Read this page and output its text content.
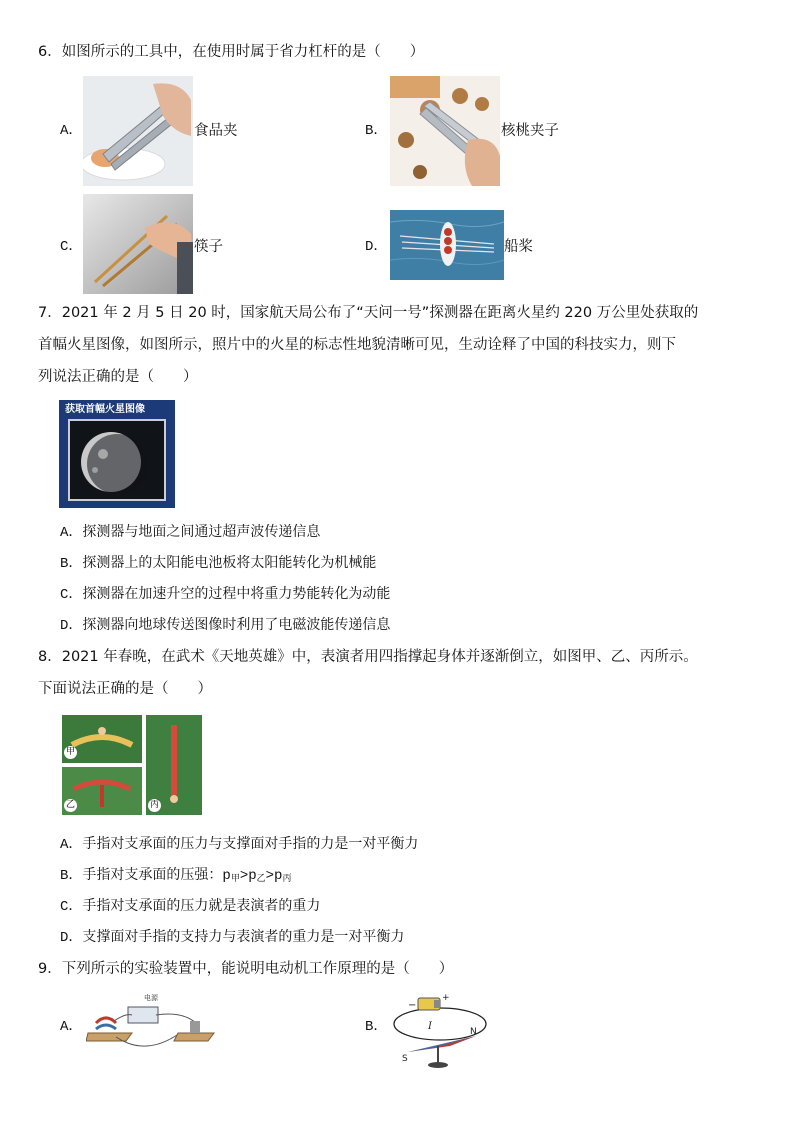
6．如图所示的工具中，在使用时属于省力杠杆的是（　　）
A．	食品夹	B．	核桃夹子
C．	筷子	D．	船桨
7．2021 年 2 月 5 日 20 时，国家航天局公布了“天问一号”探测器在距离火星约 220 万公里处获取的
首幅火星图像，如图所示，照片中的火星的标志性地貌清晰可见，生动诠释了中国的科技实力，则下
列说法正确的是（　　）
获取首幅火星图像
A．探测器与地面之间通过超声波传递信息
B．探测器上的太阳能电池板将太阳能转化为机械能
C．探测器在加速升空的过程中将重力势能转化为动能
D．探测器向地球传送图像时利用了电磁波能传递信息
8．2021 年春晚，在武术《天地英雄》中，表演者用四指撑起身体并逐渐倒立，如图甲、乙、丙所示。
下面说法正确的是（　　）
甲
乙	丙
A．手指对支承面的压力与支撑面对手指的力是一对平衡力
B．手指对支承面的压强：$p_甲>p_乙>p_丙$
C．手指对支承面的压力就是表演者的重力
D．支撑面对手指的支持力与表演者的重力是一对平衡力
9．下列所示的实验装置中，能说明电动机工作原理的是（　　）
A．
电源
B．
−
+
I	N
S
